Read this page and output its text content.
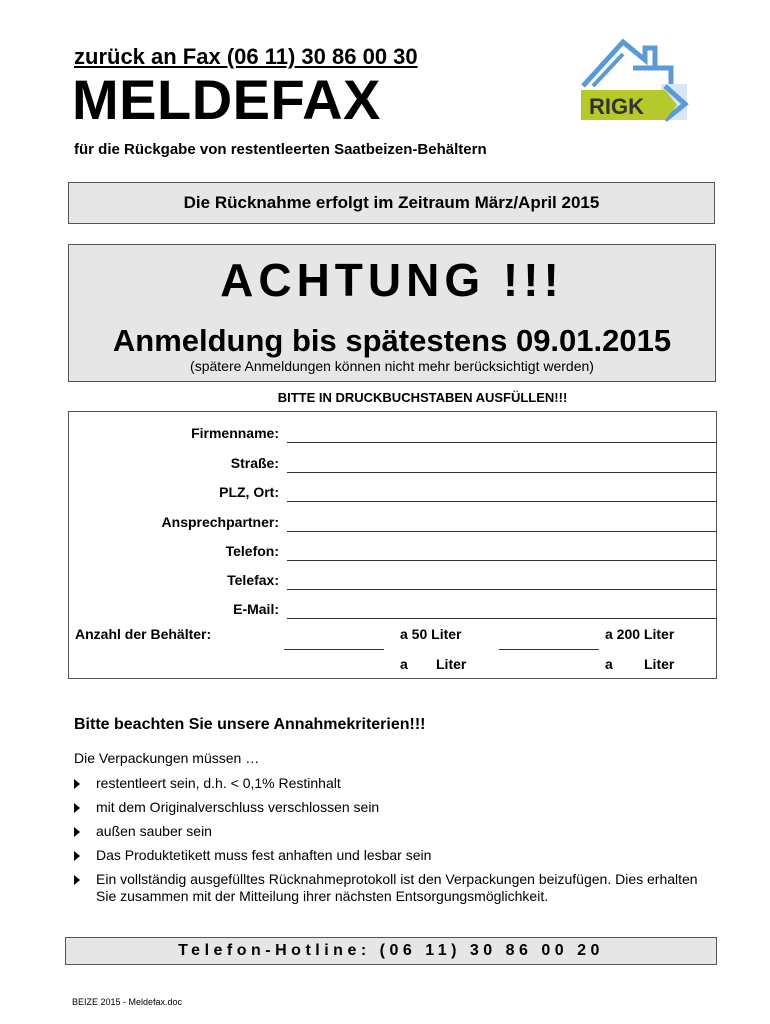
zurück an Fax (06 11) 30 86 00 30
MELDEFAX
für die Rückgabe von restentleerten Saatbeizen-Behältern
RIGK
Die Rücknahme erfolgt im Zeitraum März/April 2015
ACHTUNG !!!
Anmeldung bis spätestens 09.01.2015
(spätere Anmeldungen können nicht mehr berücksichtigt werden)
BITTE IN DRUCKBUCHSTABEN AUSFÜLLEN!!!
Firmenname:
Straße:
PLZ, Ort:
Ansprechpartner:
Telefon:
Telefax:
E-Mail:
Anzahl der Behälter:	a 50 Liter	a 200 Liter
a Liter	a Liter
Bitte beachten Sie unsere Annahmekriterien!!!
Die Verpackungen müssen …
restentleert sein, d.h. < 0,1% Restinhalt
mit dem Originalverschluss verschlossen sein
außen sauber sein
Das Produktetikett muss fest anhaften und lesbar sein
Ein vollständig ausgefülltes Rücknahmeprotokoll ist den Verpackungen beizufügen. Dies erhalten Sie zusammen mit der Mitteilung ihrer nächsten Entsorgungsmöglichkeit.
Telefon-Hotline: (06 11) 30 86 00 20
BEIZE 2015 - Meldefax.doc
